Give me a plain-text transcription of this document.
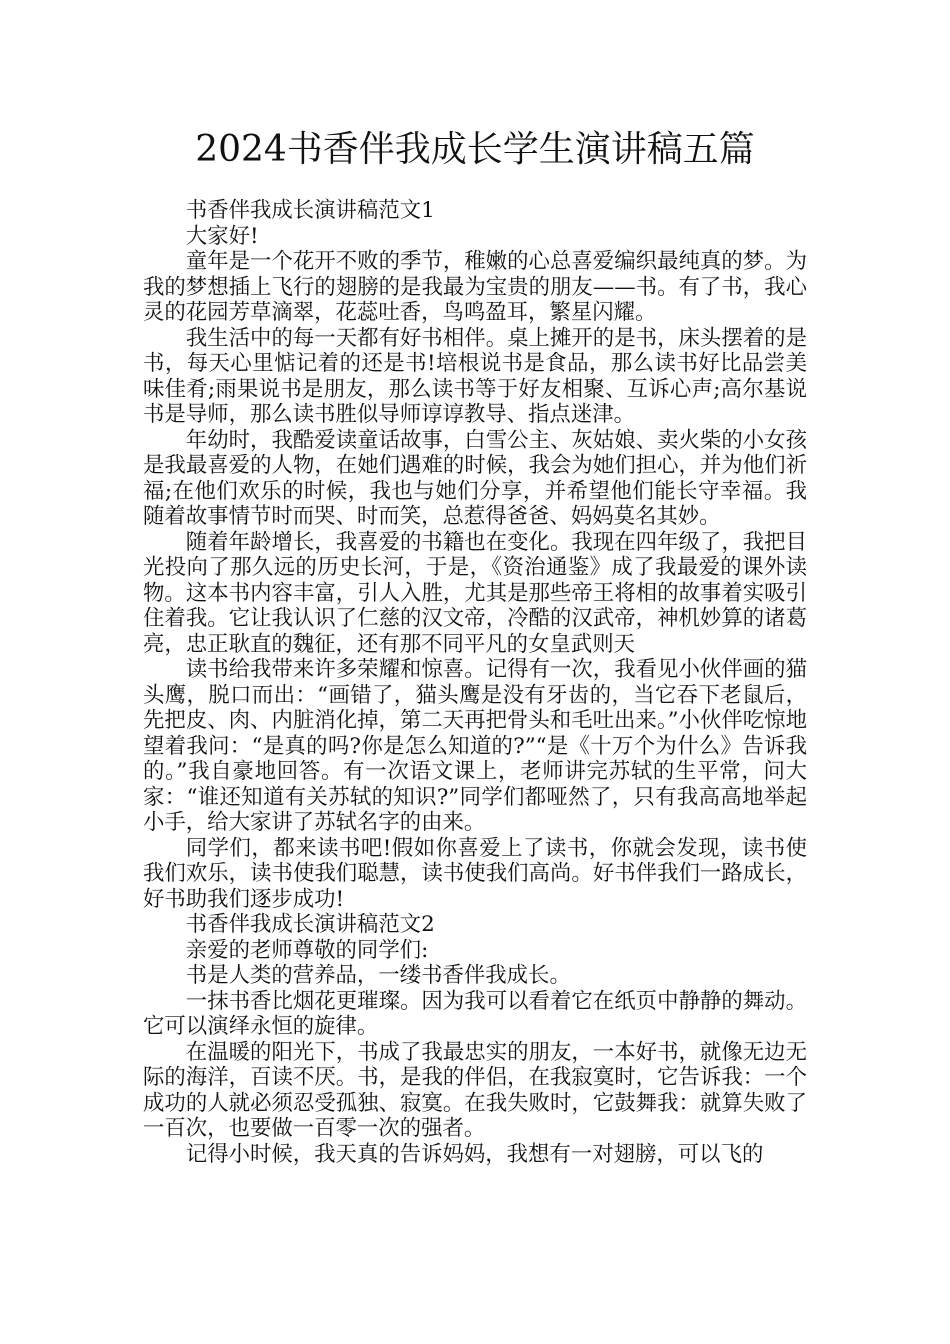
2024书香伴我成长学生演讲稿五篇

书香伴我成长演讲稿范文1

大家好!

童年是一个花开不败的季节，稚嫩的心总喜爱编织最纯真的梦。为我的梦想插上飞行的翅膀的是我最为宝贵的朋友——书。有了书，我心灵的花园芳草滴翠，花蕊吐香，鸟鸣盈耳，繁星闪耀。

我生活中的每一天都有好书相伴。桌上摊开的是书，床头摆着的是书，每天心里惦记着的还是书!培根说书是食品，那么读书好比品尝美味佳肴;雨果说书是朋友，那么读书等于好友相聚、互诉心声;高尔基说书是导师，那么读书胜似导师谆谆教导、指点迷津。

年幼时，我酷爱读童话故事，白雪公主、灰姑娘、卖火柴的小女孩是我最喜爱的人物，在她们遇难的时候，我会为她们担心，并为他们祈福;在他们欢乐的时候，我也与她们分享，并希望他们能长守幸福。我随着故事情节时而哭、时而笑，总惹得爸爸、妈妈莫名其妙。

随着年龄增长，我喜爱的书籍也在变化。我现在四年级了，我把目光投向了那久远的历史长河，于是，《资治通鉴》成了我最爱的课外读物。这本书内容丰富，引人入胜，尤其是那些帝王将相的故事着实吸引住着我。它让我认识了仁慈的汉文帝，冷酷的汉武帝，神机妙算的诸葛亮，忠正耿直的魏征，还有那不同平凡的女皇武则天

读书给我带来许多荣耀和惊喜。记得有一次，我看见小伙伴画的猫头鹰，脱口而出：“画错了，猫头鹰是没有牙齿的，当它吞下老鼠后，先把皮、肉、内脏消化掉，第二天再把骨头和毛吐出来。”小伙伴吃惊地望着我问：“是真的吗?你是怎么知道的?”“是《十万个为什么》告诉我的。”我自豪地回答。有一次语文课上，老师讲完苏轼的生平常，问大家：“谁还知道有关苏轼的知识?”同学们都哑然了，只有我高高地举起小手，给大家讲了苏轼名字的由来。

同学们，都来读书吧!假如你喜爱上了读书，你就会发现，读书使我们欢乐，读书使我们聪慧，读书使我们高尚。好书伴我们一路成长，好书助我们逐步成功!

书香伴我成长演讲稿范文2

亲爱的老师尊敬的同学们:

书是人类的营养品，一缕书香伴我成长。

一抹书香比烟花更璀璨。因为我可以看着它在纸页中静静的舞动。它可以演绎永恒的旋律。

在温暖的阳光下，书成了我最忠实的朋友，一本好书，就像无边无际的海洋，百读不厌。书，是我的伴侣，在我寂寞时，它告诉我：一个成功的人就必须忍受孤独、寂寞。在我失败时，它鼓舞我：就算失败了一百次，也要做一百零一次的强者。

记得小时候，我天真的告诉妈妈，我想有一对翅膀，可以飞的
